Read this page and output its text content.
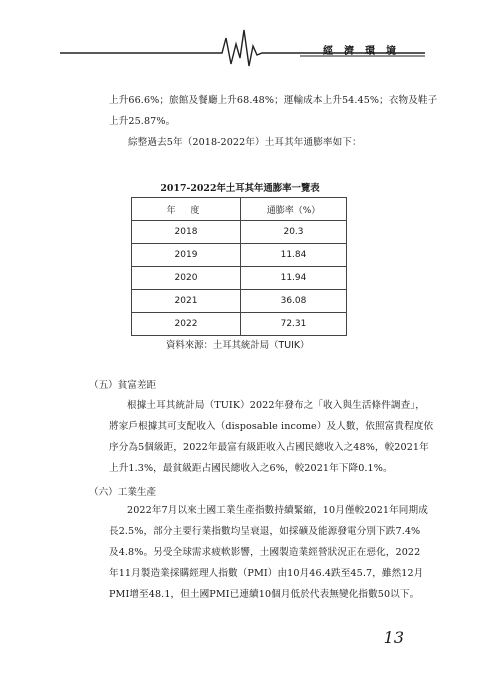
經濟環境
上升66.6%；旅館及餐廳上升68.48%；運輸成本上升54.45%；衣物及鞋子
上升25.87%。
綜整過去5年（2018-2022年）土耳其年通膨率如下：
2017-2022年土耳其年通膨率一覽表
年 度	通膨率（%）
2018	20.3
2019	11.84
2020	11.94
2021	36.08
2022	72.31
資料來源：土耳其統計局（TUIK）
（五）貧富差距
根據土耳其統計局（TUIK）2022年發布之「收入與生活條件調查」，
將家戶根據其可支配收入（disposable income）及人數，依照富貴程度依
序分為5個級距，2022年最富有級距收入占國民總收入之48%，較2021年
上升1.3%，最貧級距占國民總收入之6%，較2021年下降0.1%。
（六）工業生產
2022年7月以來土國工業生產指數持續緊縮，10月僅較2021年同期成
長2.5%，部分主要行業指數均呈衰退，如採礦及能源發電分別下跌7.4%
及4.8%。另受全球需求疲軟影響，土國製造業經營狀況正在惡化，2022
年11月製造業採購經理人指數（PMI）由10月46.4跌至45.7，雖然12月
PMI增至48.1，但土國PMI已連續10個月低於代表無變化指數50以下。
13
